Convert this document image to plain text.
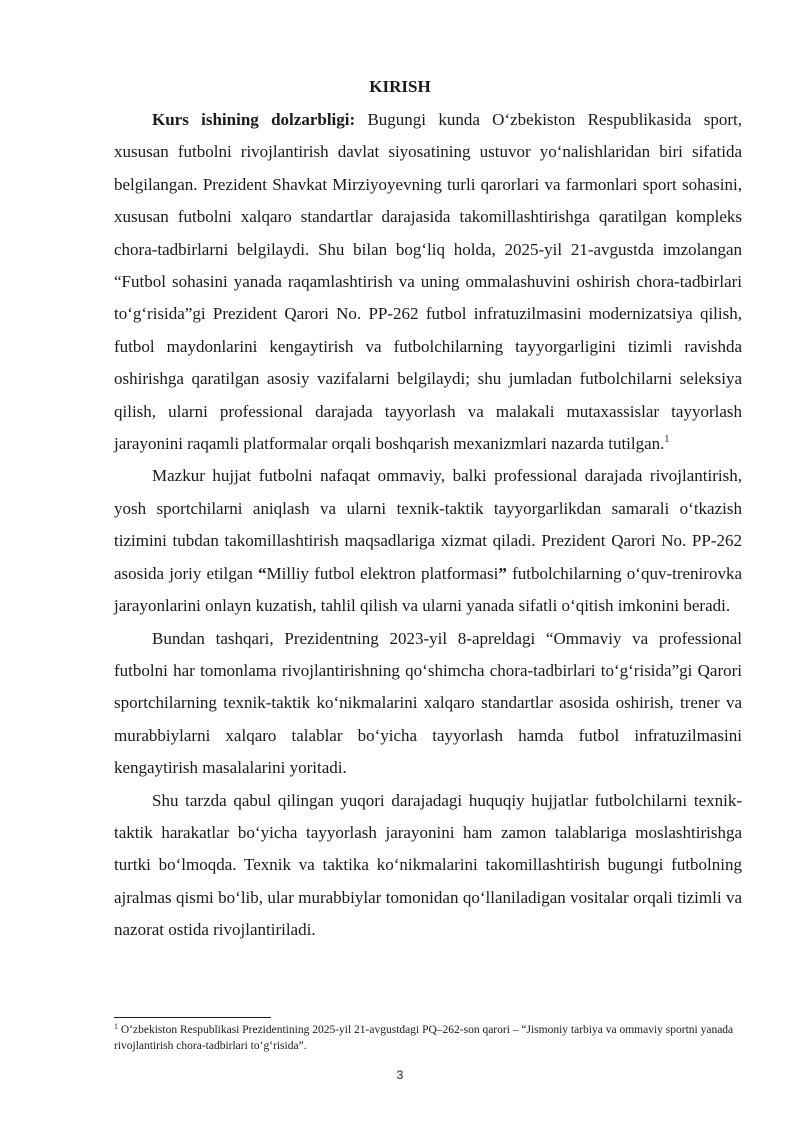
KIRISH

Kurs ishining dolzarbligi: Bugungi kunda O‘zbekiston Respublikasida sport, xususan futbolni rivojlantirish davlat siyosatining ustuvor yo‘nalishlaridan biri sifatida belgilangan. Prezident Shavkat Mirziyoyevning turli qarorlari va farmonlari sport sohasini, xususan futbolni xalqaro standartlar darajasida takomillashtirishga qaratilgan kompleks chora-tadbirlarni belgilaydi. Shu bilan bog‘liq holda, 2025-yil 21-avgustda imzolangan “Futbol sohasini yanada raqamlashtirish va uning ommalashuvini oshirish chora-tadbirlari to‘g‘risida”gi Prezident Qarori No. PP-262 futbol infratuzilmasini modernizatsiya qilish, futbol maydonlarini kengaytirish va futbolchilarning tayyorgarligini tizimli ravishda oshirishga qaratilgan asosiy vazifalarni belgilaydi; shu jumladan futbolchilarni seleksiya qilish, ularni professional darajada tayyorlash va malakali mutaxassislar tayyorlash jarayonini raqamli platformalar orqali boshqarish mexanizmlari nazarda tutilgan.$^1$

Mazkur hujjat futbolni nafaqat ommaviy, balki professional darajada rivojlantirish, yosh sportchilarni aniqlash va ularni texnik-taktik tayyorgarlikdan samarali o‘tkazish tizimini tubdan takomillashtirish maqsadlariga xizmat qiladi. Prezident Qarori No. PP-262 asosida joriy etilgan “Milliy futbol elektron platformasi” futbolchilarning o‘quv-trenirovka jarayonlarini onlayn kuzatish, tahlil qilish va ularni yanada sifatli o‘qitish imkonini beradi.

Bundan tashqari, Prezidentning 2023-yil 8-apreldagi “Ommaviy va professional futbolni har tomonlama rivojlantirishning qo‘shimcha chora-tadbirlari to‘g‘risida”gi Qarori sportchilarning texnik-taktik ko‘nikmalarini xalqaro standartlar asosida oshirish, trener va murabbiylarni xalqaro talablar bo‘yicha tayyorlash hamda futbol infratuzilmasini kengaytirish masalalarini yoritadi.

Shu tarzda qabul qilingan yuqori darajadagi huquqiy hujjatlar futbolchilarni texnik-taktik harakatlar bo‘yicha tayyorlash jarayonini ham zamon talablariga moslashtirishga turtki bo‘lmoqda. Texnik va taktika ko‘nikmalarini takomillashtirish bugungi futbolning ajralmas qismi bo‘lib, ular murabbiylar tomonidan qo‘llaniladigan vositalar orqali tizimli va nazorat ostida rivojlantiriladi.

$^1$ O‘zbekiston Respublikasi Prezidentining 2025-yil 21-avgustdagi PQ–262-son qarori – “Jismoniy tarbiya va ommaviy sportni yanada rivojlantirish chora-tadbirlari to‘g‘risida”.
3
